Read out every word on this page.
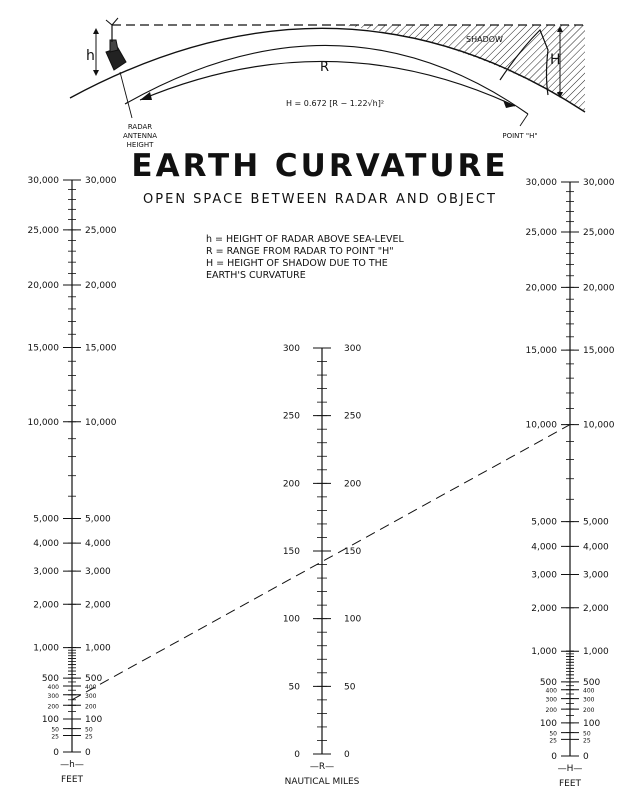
h
R	H
SHADOW
H = 0.672 [R − 1.22√h]²
RADAR
ANTENNA
HEIGHT
POINT "H"
0	0
25	25
50	50
100	100
200	200
300	300
400	400
500	500
1,000	1,000
2,000	2,000
3,000	3,000
4,000	4,000
5,000	5,000
10,000	10,000
15,000	15,000
20,000	20,000
25,000	25,000
30,000	30,000
0	0
50	50
100	100
150	150
200	200
250	250
300	300
0	0
25	25
50	50
100	100
200	200
300	300
400	400
500	500
1,000	1,000
2,000	2,000
3,000	3,000
4,000	4,000
5,000	5,000
10,000	10,000
15,000	15,000
20,000	20,000
25,000	25,000
30,000	30,000
—h—
FEET
—R—
NAUTICAL MILES
—H—
FEET
EARTH CURVATURE
OPEN SPACE BETWEEN RADAR AND OBJECT
h = HEIGHT OF RADAR ABOVE SEA-LEVEL
R = RANGE FROM RADAR TO POINT "H"
H = HEIGHT OF SHADOW DUE TO THE EARTH'S CURVATURE
